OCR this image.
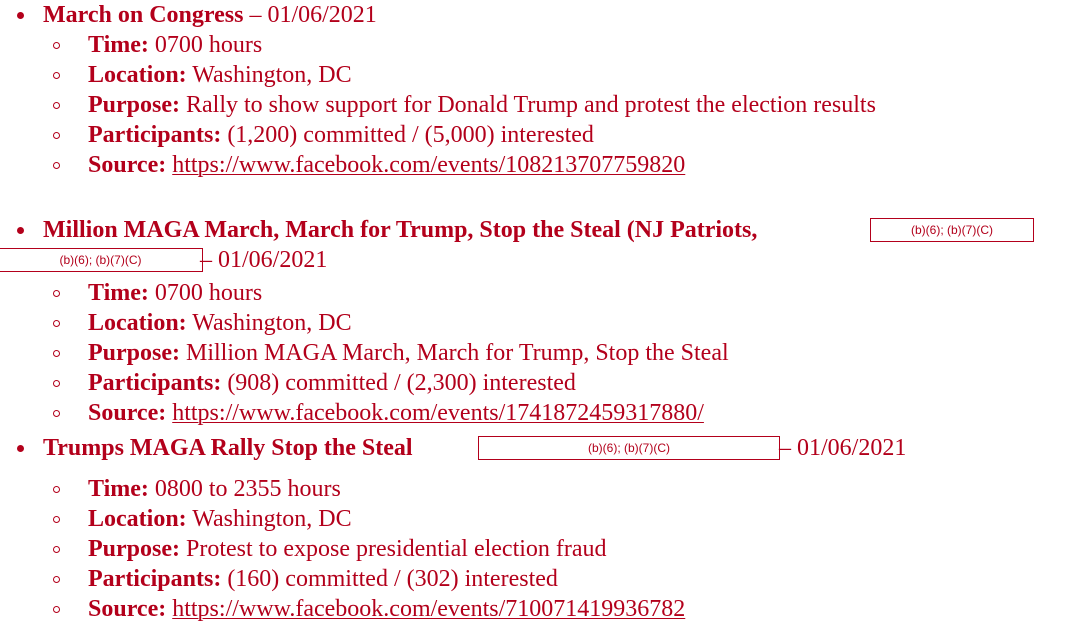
March on Congress – 01/06/2021
Time: 0700 hours
Location: Washington, DC
Purpose: Rally to show support for Donald Trump and protest the election results
Participants: (1,200) committed / (5,000) interested
Source: https://www.facebook.com/events/108213707759820
Million MAGA March, March for Trump, Stop the Steal (NJ Patriots,	(b)(6); (b)(7)(C)
(b)(6); (b)(7)(C)	– 01/06/2021
Time: 0700 hours
Location: Washington, DC
Purpose: Million MAGA March, March for Trump, Stop the Steal
Participants: (908) committed / (2,300) interested
Source: https://www.facebook.com/events/1741872459317880/
Trumps MAGA Rally Stop the Steal	(b)(6); (b)(7)(C)	– 01/06/2021
Time: 0800 to 2355 hours
Location: Washington, DC
Purpose: Protest to expose presidential election fraud
Participants: (160) committed / (302) interested
Source: https://www.facebook.com/events/710071419936782
